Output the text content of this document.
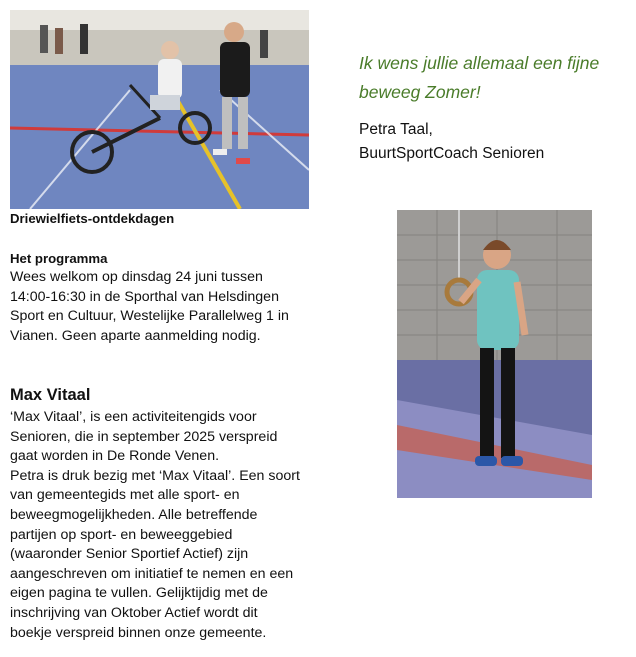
Driewielfiets-ontdekdagen
Het programma
Wees welkom op dinsdag 24 juni tussen
14:00-16:30 in de Sporthal van Helsdingen
Sport en Cultuur, Westelijke Parallelweg 1 in
Vianen. Geen aparte aanmelding nodig.
Max Vitaal
‘Max Vitaal’, is een activiteitengids voor
Senioren, die in september 2025 verspreid
gaat worden in De Ronde Venen.
Petra is druk bezig met ‘Max Vitaal’. Een soort
van gemeentegids met alle sport- en
beweegmogelijkheden. Alle betreffende
partijen op sport- en beweeggebied
(waaronder Senior Sportief Actief) zijn
aangeschreven om initiatief te nemen en een
eigen pagina te vullen. Gelijktijdig met de
inschrijving van Oktober Actief wordt dit
boekje verspreid binnen onze gemeente.
Ik wens jullie allemaal een fijne
beweeg Zomer!
Petra Taal,
BuurtSportCoach Senioren
